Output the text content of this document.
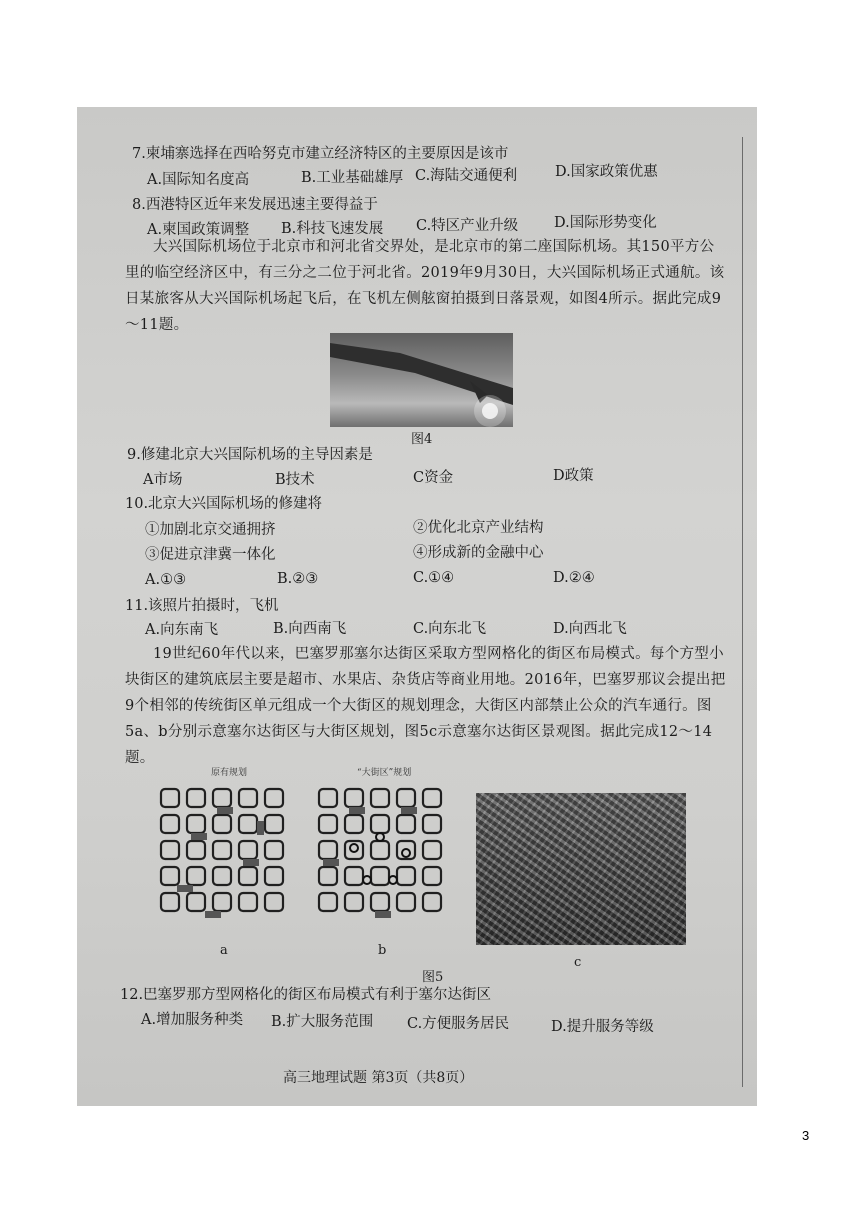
7.柬埔寨选择在西哈努克市建立经济特区的主要原因是该市
A.国际知名度高	B.工业基础雄厚 C.海陆交通便利	D.国家政策优惠
8.西港特区近年来发展迅速主要得益于
A.柬国政策调整 B.科技飞速发展 C.特区产业升级 D.国际形势变化
大兴国际机场位于北京市和河北省交界处，是北京市的第二座国际机场。其150平方公里的临空经济区中，有三分之二位于河北省。2019年9月30日，大兴国际机场正式通航。该日某旅客从大兴国际机场起飞后，在飞机左侧舷窗拍摄到日落景观，如图4所示。据此完成9～11题。
图4
9.修建北京大兴国际机场的主导因素是
A市场	B技术	C资金	D政策
10.北京大兴国际机场的修建将
①加剧北京交通拥挤	②优化北京产业结构
③促进京津冀一体化	④形成新的金融中心
A.①③	B.②③	C.①④	D.②④
11.该照片拍摄时，飞机
A.向东南飞	B.向西南飞	C.向东北飞	D.向西北飞
19世纪60年代以来，巴塞罗那塞尔达街区采取方型网格化的街区布局模式。每个方型小块街区的建筑底层主要是超市、水果店、杂货店等商业用地。2016年，巴塞罗那议会提出把9个相邻的传统街区单元组成一个大街区的规划理念，大街区内部禁止公众的汽车通行。图5a、b分别示意塞尔达街区与大街区规划，图5c示意塞尔达街区景观图。据此完成12～14题。
原有规划	“大街区”规划
a	b
c
图5
12.巴塞罗那方型网格化的街区布局模式有利于塞尔达街区
A.增加服务种类 B.扩大服务范围 C.方便服务居民	D.提升服务等级
高三地理试题 第3页（共8页）
3
